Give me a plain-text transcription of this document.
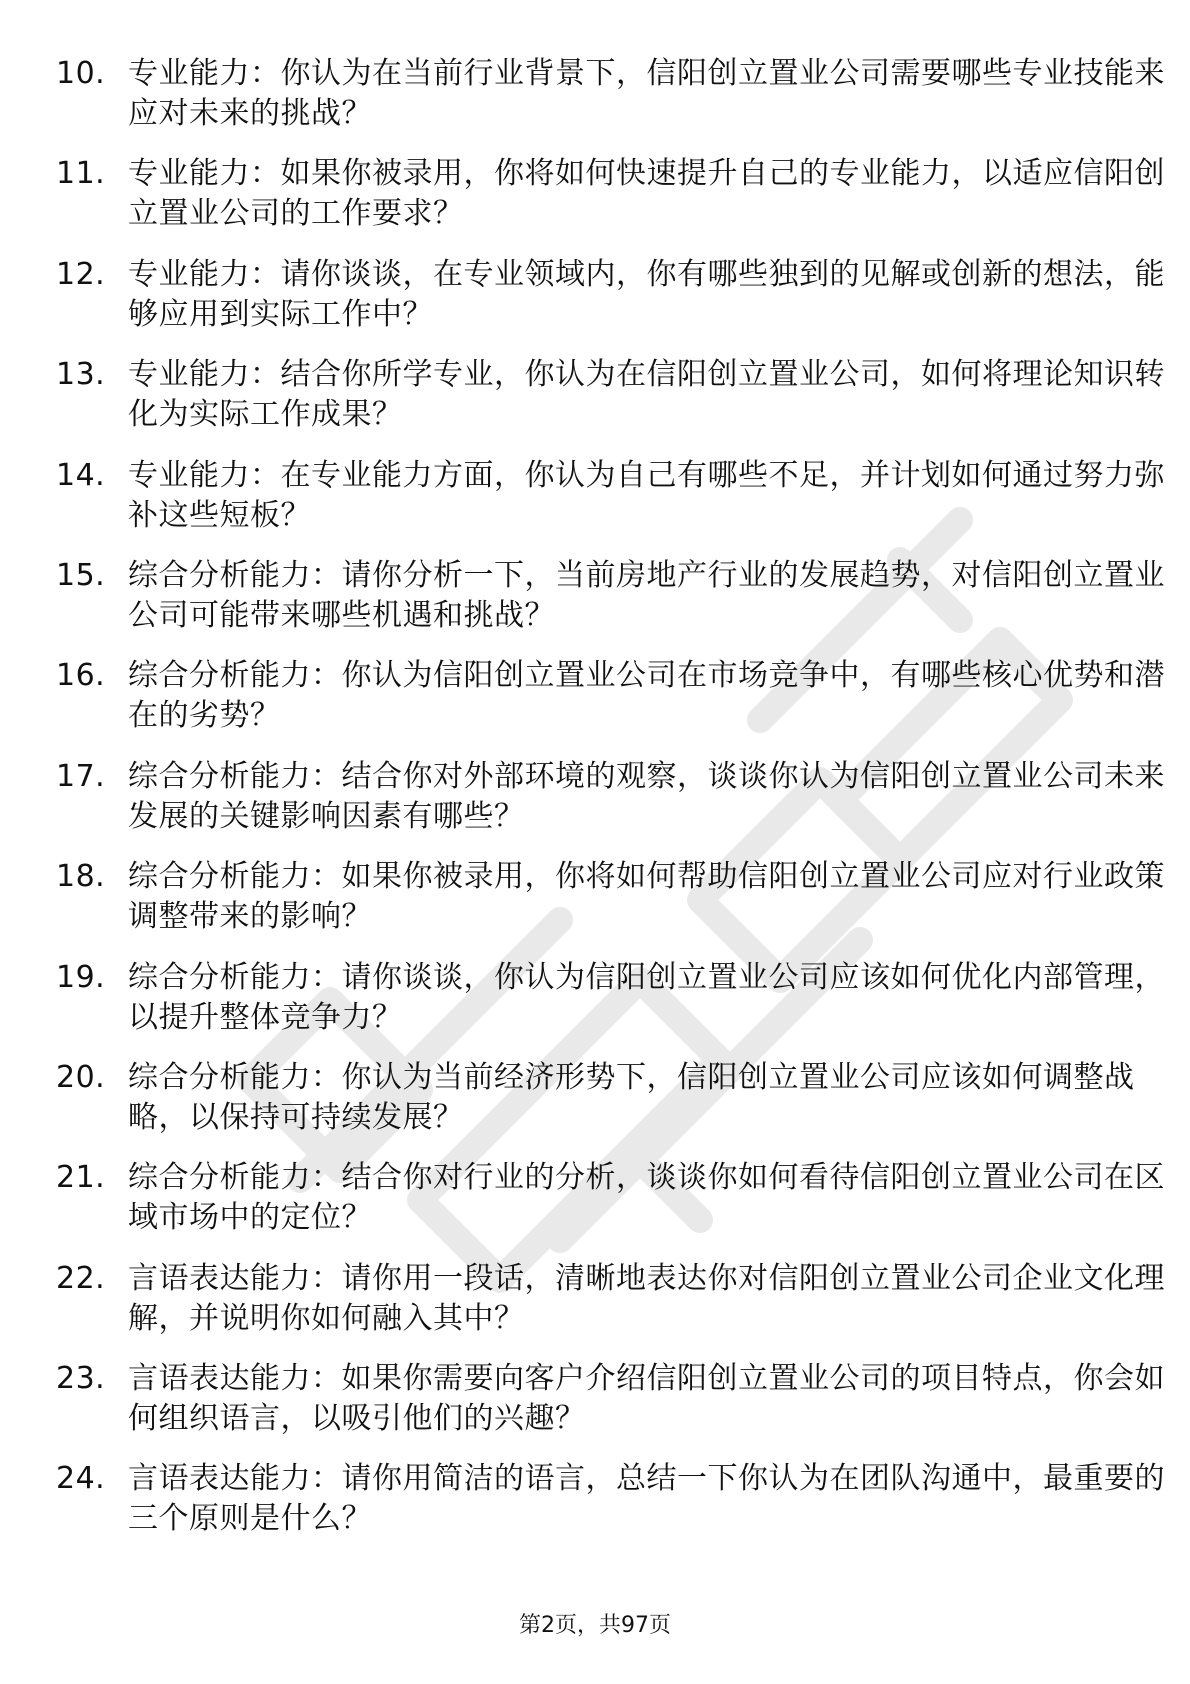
10. 专业能力：你认为在当前行业背景下，信阳创立置业公司需要哪些专业技能来应对未来的挑战？
11. 专业能力：如果你被录用，你将如何快速提升自己的专业能力，以适应信阳创立置业公司的工作要求？
12. 专业能力：请你谈谈，在专业领域内，你有哪些独到的见解或创新的想法，能够应用到实际工作中？
13. 专业能力：结合你所学专业，你认为在信阳创立置业公司，如何将理论知识转化为实际工作成果？
14. 专业能力：在专业能力方面，你认为自己有哪些不足，并计划如何通过努力弥补这些短板？
15. 综合分析能力：请你分析一下，当前房地产行业的发展趋势，对信阳创立置业公司可能带来哪些机遇和挑战？
16. 综合分析能力：你认为信阳创立置业公司在市场竞争中，有哪些核心优势和潜在的劣势？
17. 综合分析能力：结合你对外部环境的观察，谈谈你认为信阳创立置业公司未来发展的关键影响因素有哪些？
18. 综合分析能力：如果你被录用，你将如何帮助信阳创立置业公司应对行业政策调整带来的影响？
19. 综合分析能力：请你谈谈，你认为信阳创立置业公司应该如何优化内部管理，以提升整体竞争力？
20. 综合分析能力：你认为当前经济形势下，信阳创立置业公司应该如何调整战略，以保持可持续发展？
21. 综合分析能力：结合你对行业的分析，谈谈你如何看待信阳创立置业公司在区域市场中的定位？
22. 言语表达能力：请你用一段话，清晰地表达你对信阳创立置业公司企业文化理解，并说明你如何融入其中？
23. 言语表达能力：如果你需要向客户介绍信阳创立置业公司的项目特点，你会如何组织语言，以吸引他们的兴趣？
24. 言语表达能力：请你用简洁的语言，总结一下你认为在团队沟通中，最重要的三个原则是什么？
第2页，共97页
